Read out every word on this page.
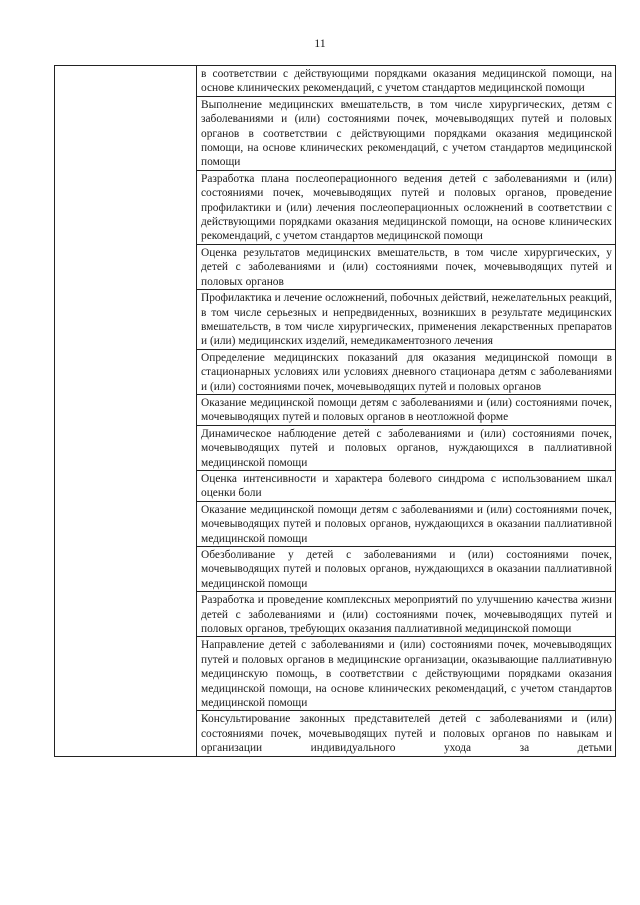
11

в соответствии с действующими порядками оказания медицинской помощи, на основе клинических рекомендаций, с учетом стандартов медицинской помощи

Выполнение медицинских вмешательств, в том числе хирургических, детям с заболеваниями и (или) состояниями почек, мочевыводящих путей и половых органов в соответствии с действующими порядками оказания медицинской помощи, на основе клинических рекомендаций, с учетом стандартов медицинской помощи

Разработка плана послеоперационного ведения детей с заболеваниями и (или) состояниями почек, мочевыводящих путей и половых органов, проведение профилактики и (или) лечения послеоперационных осложнений в соответствии с действующими порядками оказания медицинской помощи, на основе клинических рекомендаций, с учетом стандартов медицинской помощи

Оценка результатов медицинских вмешательств, в том числе хирургических, у детей с заболеваниями и (или) состояниями почек, мочевыводящих путей и половых органов

Профилактика и лечение осложнений, побочных действий, нежелательных реакций, в том числе серьезных и непредвиденных, возникших в результате медицинских вмешательств, в том числе хирургических, применения лекарственных препаратов и (или) медицинских изделий, немедикаментозного лечения

Определение медицинских показаний для оказания медицинской помощи в стационарных условиях или условиях дневного стационара детям с заболеваниями и (или) состояниями почек, мочевыводящих путей и половых органов

Оказание медицинской помощи детям с заболеваниями и (или) состояниями почек, мочевыводящих путей и половых органов в неотложной форме

Динамическое наблюдение детей с заболеваниями и (или) состояниями почек, мочевыводящих путей и половых органов, нуждающихся в паллиативной медицинской помощи

Оценка интенсивности и характера болевого синдрома с использованием шкал оценки боли

Оказание медицинской помощи детям с заболеваниями и (или) состояниями почек, мочевыводящих путей и половых органов, нуждающихся в оказании паллиативной медицинской помощи

Обезболивание у детей с заболеваниями и (или) состояниями почек, мочевыводящих путей и половых органов, нуждающихся в оказании паллиативной медицинской помощи

Разработка и проведение комплексных мероприятий по улучшению качества жизни детей с заболеваниями и (или) состояниями почек, мочевыводящих путей и половых органов, требующих оказания паллиативной медицинской помощи

Направление детей с заболеваниями и (или) состояниями почек, мочевыводящих путей и половых органов в медицинские организации, оказывающие паллиативную медицинскую помощь, в соответствии с действующими порядками оказания медицинской помощи, на основе клинических рекомендаций, с учетом стандартов медицинской помощи

Консультирование законных представителей детей с заболеваниями и (или) состояниями почек, мочевыводящих путей и половых органов по навыкам и организации индивидуального ухода за детьми
